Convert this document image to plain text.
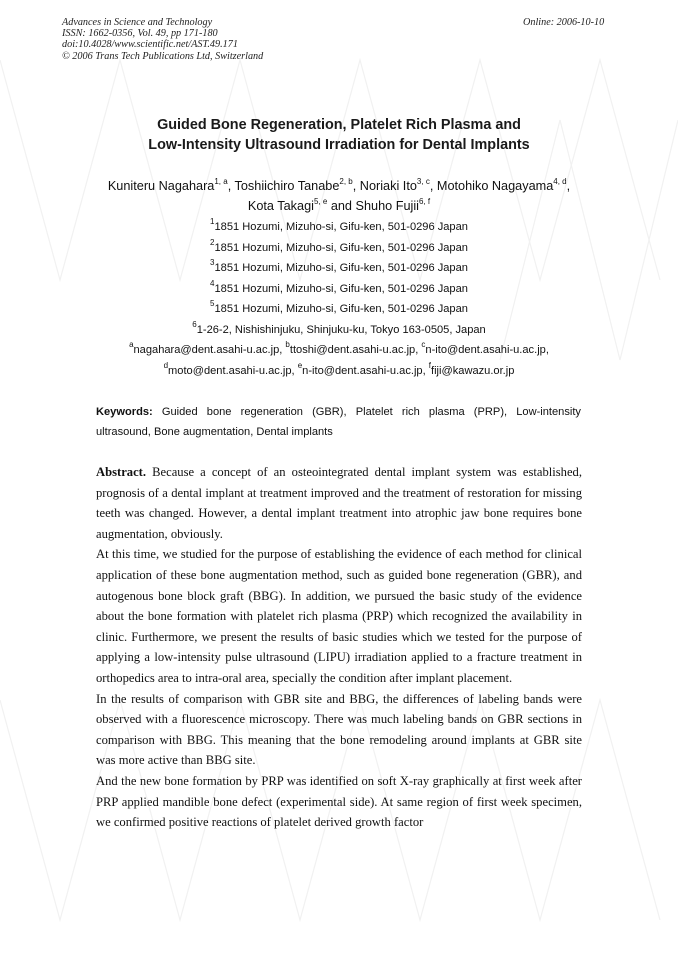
Advances in Science and Technology
ISSN: 1662-0356, Vol. 49, pp 171-180
doi:10.4028/www.scientific.net/AST.49.171
© 2006 Trans Tech Publications Ltd, Switzerland
Online: 2006-10-10
Guided Bone Regeneration, Platelet Rich Plasma and
Low-Intensity Ultrasound Irradiation for Dental Implants
Kuniteru Nagahara$^{1, a}$, Toshiichiro Tanabe$^{2, b}$, Noriaki Ito$^{3, c}$, Motohiko Nagayama$^{4, d}$, Kota Takagi$^{5, e}$ and Shuho Fujii$^{6, f}$
$^1$1851 Hozumi, Mizuho-si, Gifu-ken, 501-0296 Japan
$^2$1851 Hozumi, Mizuho-si, Gifu-ken, 501-0296 Japan
$^3$1851 Hozumi, Mizuho-si, Gifu-ken, 501-0296 Japan
$^4$1851 Hozumi, Mizuho-si, Gifu-ken, 501-0296 Japan
$^5$1851 Hozumi, Mizuho-si, Gifu-ken, 501-0296 Japan
$^6$1-26-2, Nishishinjuku, Shinjuku-ku, Tokyo 163-0505, Japan
$^a$nagahara@dent.asahi-u.ac.jp, $^b$ttoshi@dent.asahi-u.ac.jp, $^c$n-ito@dent.asahi-u.ac.jp,
$^d$moto@dent.asahi-u.ac.jp, $^e$n-ito@dent.asahi-u.ac.jp, $^f$fiji@kawazu.or.jp
Keywords: Guided bone regeneration (GBR), Platelet rich plasma (PRP), Low-intensity ultrasound, Bone augmentation, Dental implants

Abstract. Because a concept of an osteointegrated dental implant system was established, prognosis of a dental implant at treatment improved and the treatment of restoration for missing teeth was changed. However, a dental implant treatment into atrophic jaw bone requires bone augmentation, obviously.

At this time, we studied for the purpose of establishing the evidence of each method for clinical application of these bone augmentation method, such as guided bone regeneration (GBR), and autogenous bone block graft (BBG). In addition, we pursued the basic study of the evidence about the bone formation with platelet rich plasma (PRP) which recognized the availability in clinic. Furthermore, we present the results of basic studies which we tested for the purpose of applying a low-intensity pulse ultrasound (LIPU) irradiation applied to a fracture treatment in orthopedics area to intra-oral area, specially the condition after implant placement.

In the results of comparison with GBR site and BBG, the differences of labeling bands were observed with a fluorescence microscopy. There was much labeling bands on GBR sections in comparison with BBG. This meaning that the bone remodeling around implants at GBR site was more active than BBG site.

And the new bone formation by PRP was identified on soft X-ray graphically at first week after PRP applied mandible bone defect (experimental side). At same region of first week specimen, we confirmed positive reactions of platelet derived growth factor
